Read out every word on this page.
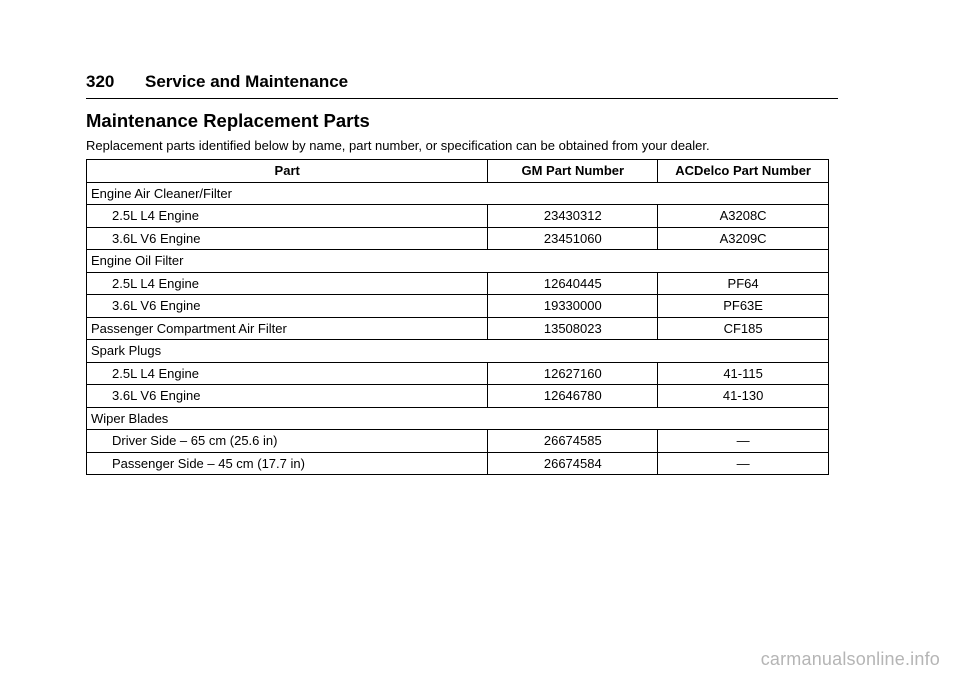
320 Service and Maintenance
Maintenance Replacement Parts

Replacement parts identified below by name, part number, or specification can be obtained from your dealer.

Part	GM Part Number	ACDelco Part Number
Engine Air Cleaner/Filter		
2.5L L4 Engine	23430312	A3208C
3.6L V6 Engine	23451060	A3209C
Engine Oil Filter		
2.5L L4 Engine	12640445	PF64
3.6L V6 Engine	19330000	PF63E
Passenger Compartment Air Filter	13508023	CF185
Spark Plugs		
2.5L L4 Engine	12627160	41-115
3.6L V6 Engine	12646780	41-130
Wiper Blades		
Driver Side – 65 cm (25.6 in)	26674585	—
Passenger Side – 45 cm (17.7 in)	26674584	—
carmanualsonline.info
